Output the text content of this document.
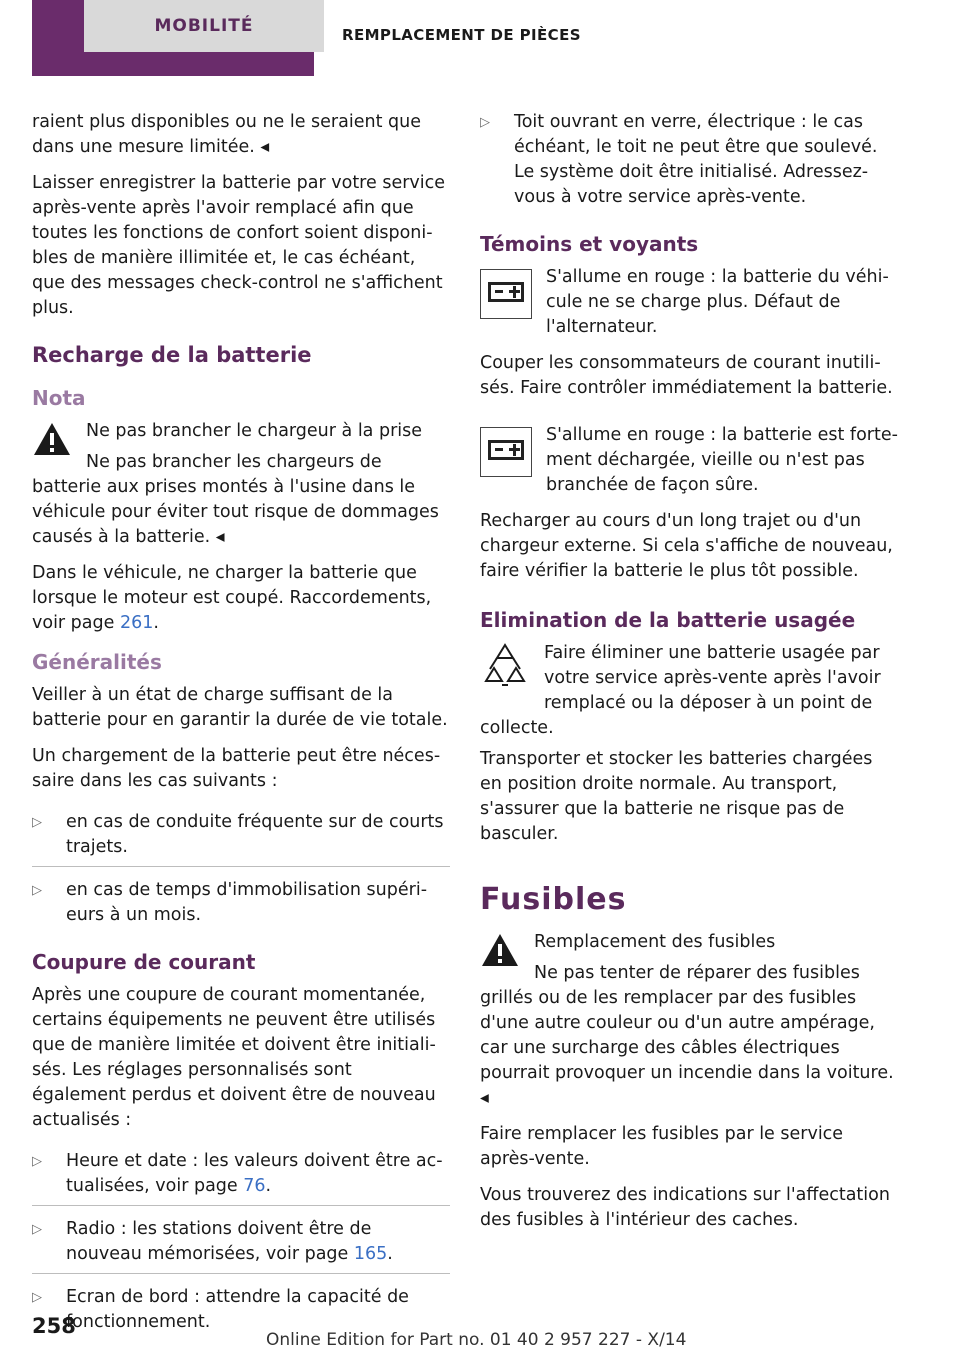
MOBILITÉ	REMPLACEMENT DE PIÈCES

raient plus disponibles ou ne le seraient que dans une mesure limitée. ◂

Laisser enregistrer la batterie par votre service après-vente après l'avoir remplacé afin que toutes les fonctions de confort soient disponibles de manière illimitée et, le cas échéant, que des messages check-control ne s'affichent plus.

Recharge de la batterie
Nota

Ne pas brancher le chargeur à la prise

Ne pas brancher les chargeurs de batterie aux prises montés à l'usine dans le véhicule pour éviter tout risque de dommages causés à la batterie. ◂

Dans le véhicule, ne charger la batterie que lorsque le moteur est coupé. Raccordements, voir page 261.

Généralités

Veiller à un état de charge suffisant de la batterie pour en garantir la durée de vie totale.

Un chargement de la batterie peut être nécessaire dans les cas suivants :

▷ en cas de conduite fréquente sur de courts trajets.
▷ en cas de temps d'immobilisation supérieurs à un mois.
Coupure de courant

Après une coupure de courant momentanée, certains équipements ne peuvent être utilisés que de manière limitée et doivent être initialisés. Les réglages personnalisés sont également perdus et doivent être de nouveau actualisés :

▷ Heure et date : les valeurs doivent être actualisées, voir page 76.
▷ Radio : les stations doivent être de nouveau mémorisées, voir page 165.
▷ Ecran de bord : attendre la capacité de fonctionnement.
▷ Toit ouvrant en verre, électrique : le cas échéant, le toit ne peut être que soulevé. Le système doit être initialisé. Adressez-vous à votre service après-vente.
Témoins et voyants

S'allume en rouge : la batterie du véhicule ne se charge plus. Défaut de l'alternateur.

Couper les consommateurs de courant inutilisés. Faire contrôler immédiatement la batterie.

S'allume en rouge : la batterie est fortement déchargée, vieille ou n'est pas branchée de façon sûre.

Recharger au cours d'un long trajet ou d'un chargeur externe. Si cela s'affiche de nouveau, faire vérifier la batterie le plus tôt possible.

Elimination de la batterie usagée

Faire éliminer une batterie usagée par votre service après-vente après l'avoir remplacé ou la déposer à un point de collecte.

Transporter et stocker les batteries chargées en position droite normale. Au transport, s'assurer que la batterie ne risque pas de basculer.

Fusibles

Remplacement des fusibles

Ne pas tenter de réparer des fusibles grillés ou de les remplacer par des fusibles d'une autre couleur ou d'un autre ampérage, car une surcharge des câbles électriques pourrait provoquer un incendie dans la voiture. ◂

Faire remplacer les fusibles par le service après-vente.

Vous trouverez des indications sur l'affectation des fusibles à l'intérieur des caches.

258
Online Edition for Part no. 01 40 2 957 227 - X/14
